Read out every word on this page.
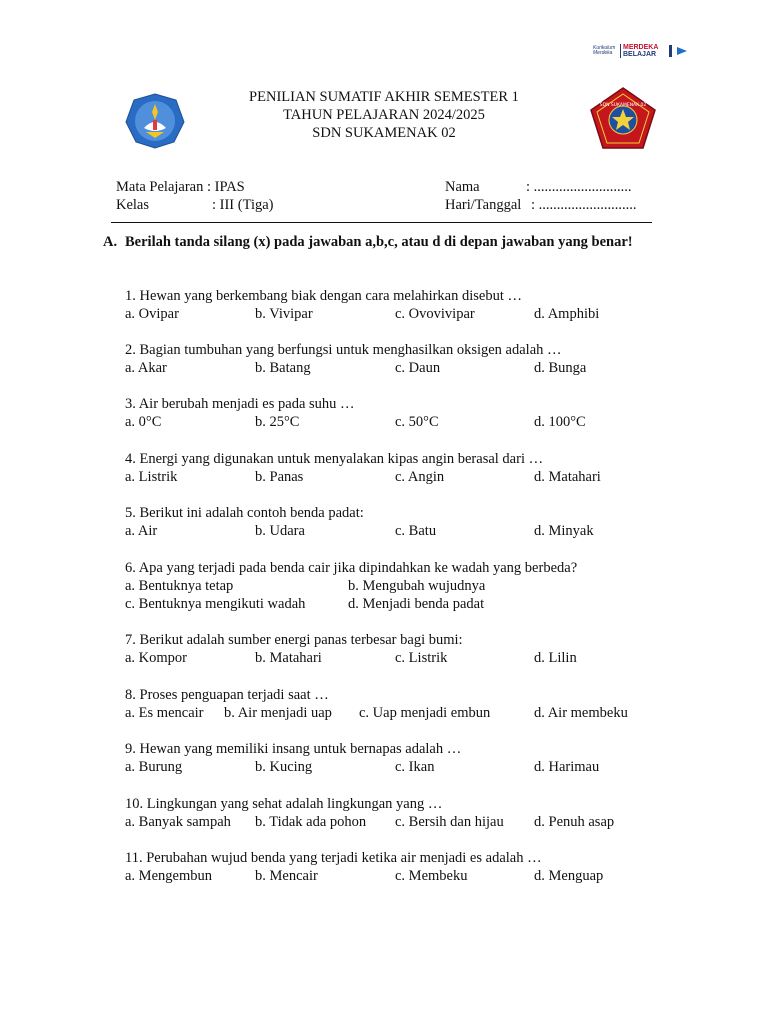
Kurikulum
Merdeka
MERDEKA
BELAJAR
PENILIAN SUMATIF AKHIR SEMESTER 1
TAHUN PELAJARAN 2024/2025
SDN SUKAMENAK 02
SDN SUKAMENAK 02
Mata Pelajaran : IPAS
Kelas	: III (Tiga)
Nama	: ...........................
Hari/Tanggal : ...........................
A. Berilah tanda silang (x) pada jawaban a,b,c, atau d di depan jawaban yang benar!
1. Hewan yang berkembang biak dengan cara melahirkan disebut …
a. Ovipar	b. Vivipar	c. Ovovivipar	d. Amphibi
2. Bagian tumbuhan yang berfungsi untuk menghasilkan oksigen adalah …
a. Akar	b. Batang	c. Daun	d. Bunga
3. Air berubah menjadi es pada suhu …
a. 0°C	b. 25°C	c. 50°C	d. 100°C
4. Energi yang digunakan untuk menyalakan kipas angin berasal dari …
a. Listrik	b. Panas	c. Angin	d. Matahari
5. Berikut ini adalah contoh benda padat:
a. Air	b. Udara	c. Batu	d. Minyak
6. Apa yang terjadi pada benda cair jika dipindahkan ke wadah yang berbeda?
a. Bentuknya tetap	b. Mengubah wujudnya
c. Bentuknya mengikuti wadah	d. Menjadi benda padat
7. Berikut adalah sumber energi panas terbesar bagi bumi:
a. Kompor	b. Matahari	c. Listrik	d. Lilin
8. Proses penguapan terjadi saat …
a. Es mencair b. Air menjadi uap c. Uap menjadi embun	d. Air membeku
9. Hewan yang memiliki insang untuk bernapas adalah …
a. Burung	b. Kucing	c. Ikan	d. Harimau
10. Lingkungan yang sehat adalah lingkungan yang …
a. Banyak sampah b. Tidak ada pohon c. Bersih dan hijau d. Penuh asap
11. Perubahan wujud benda yang terjadi ketika air menjadi es adalah …
a. Mengembun	b. Mencair	c. Membeku	d. Menguap
